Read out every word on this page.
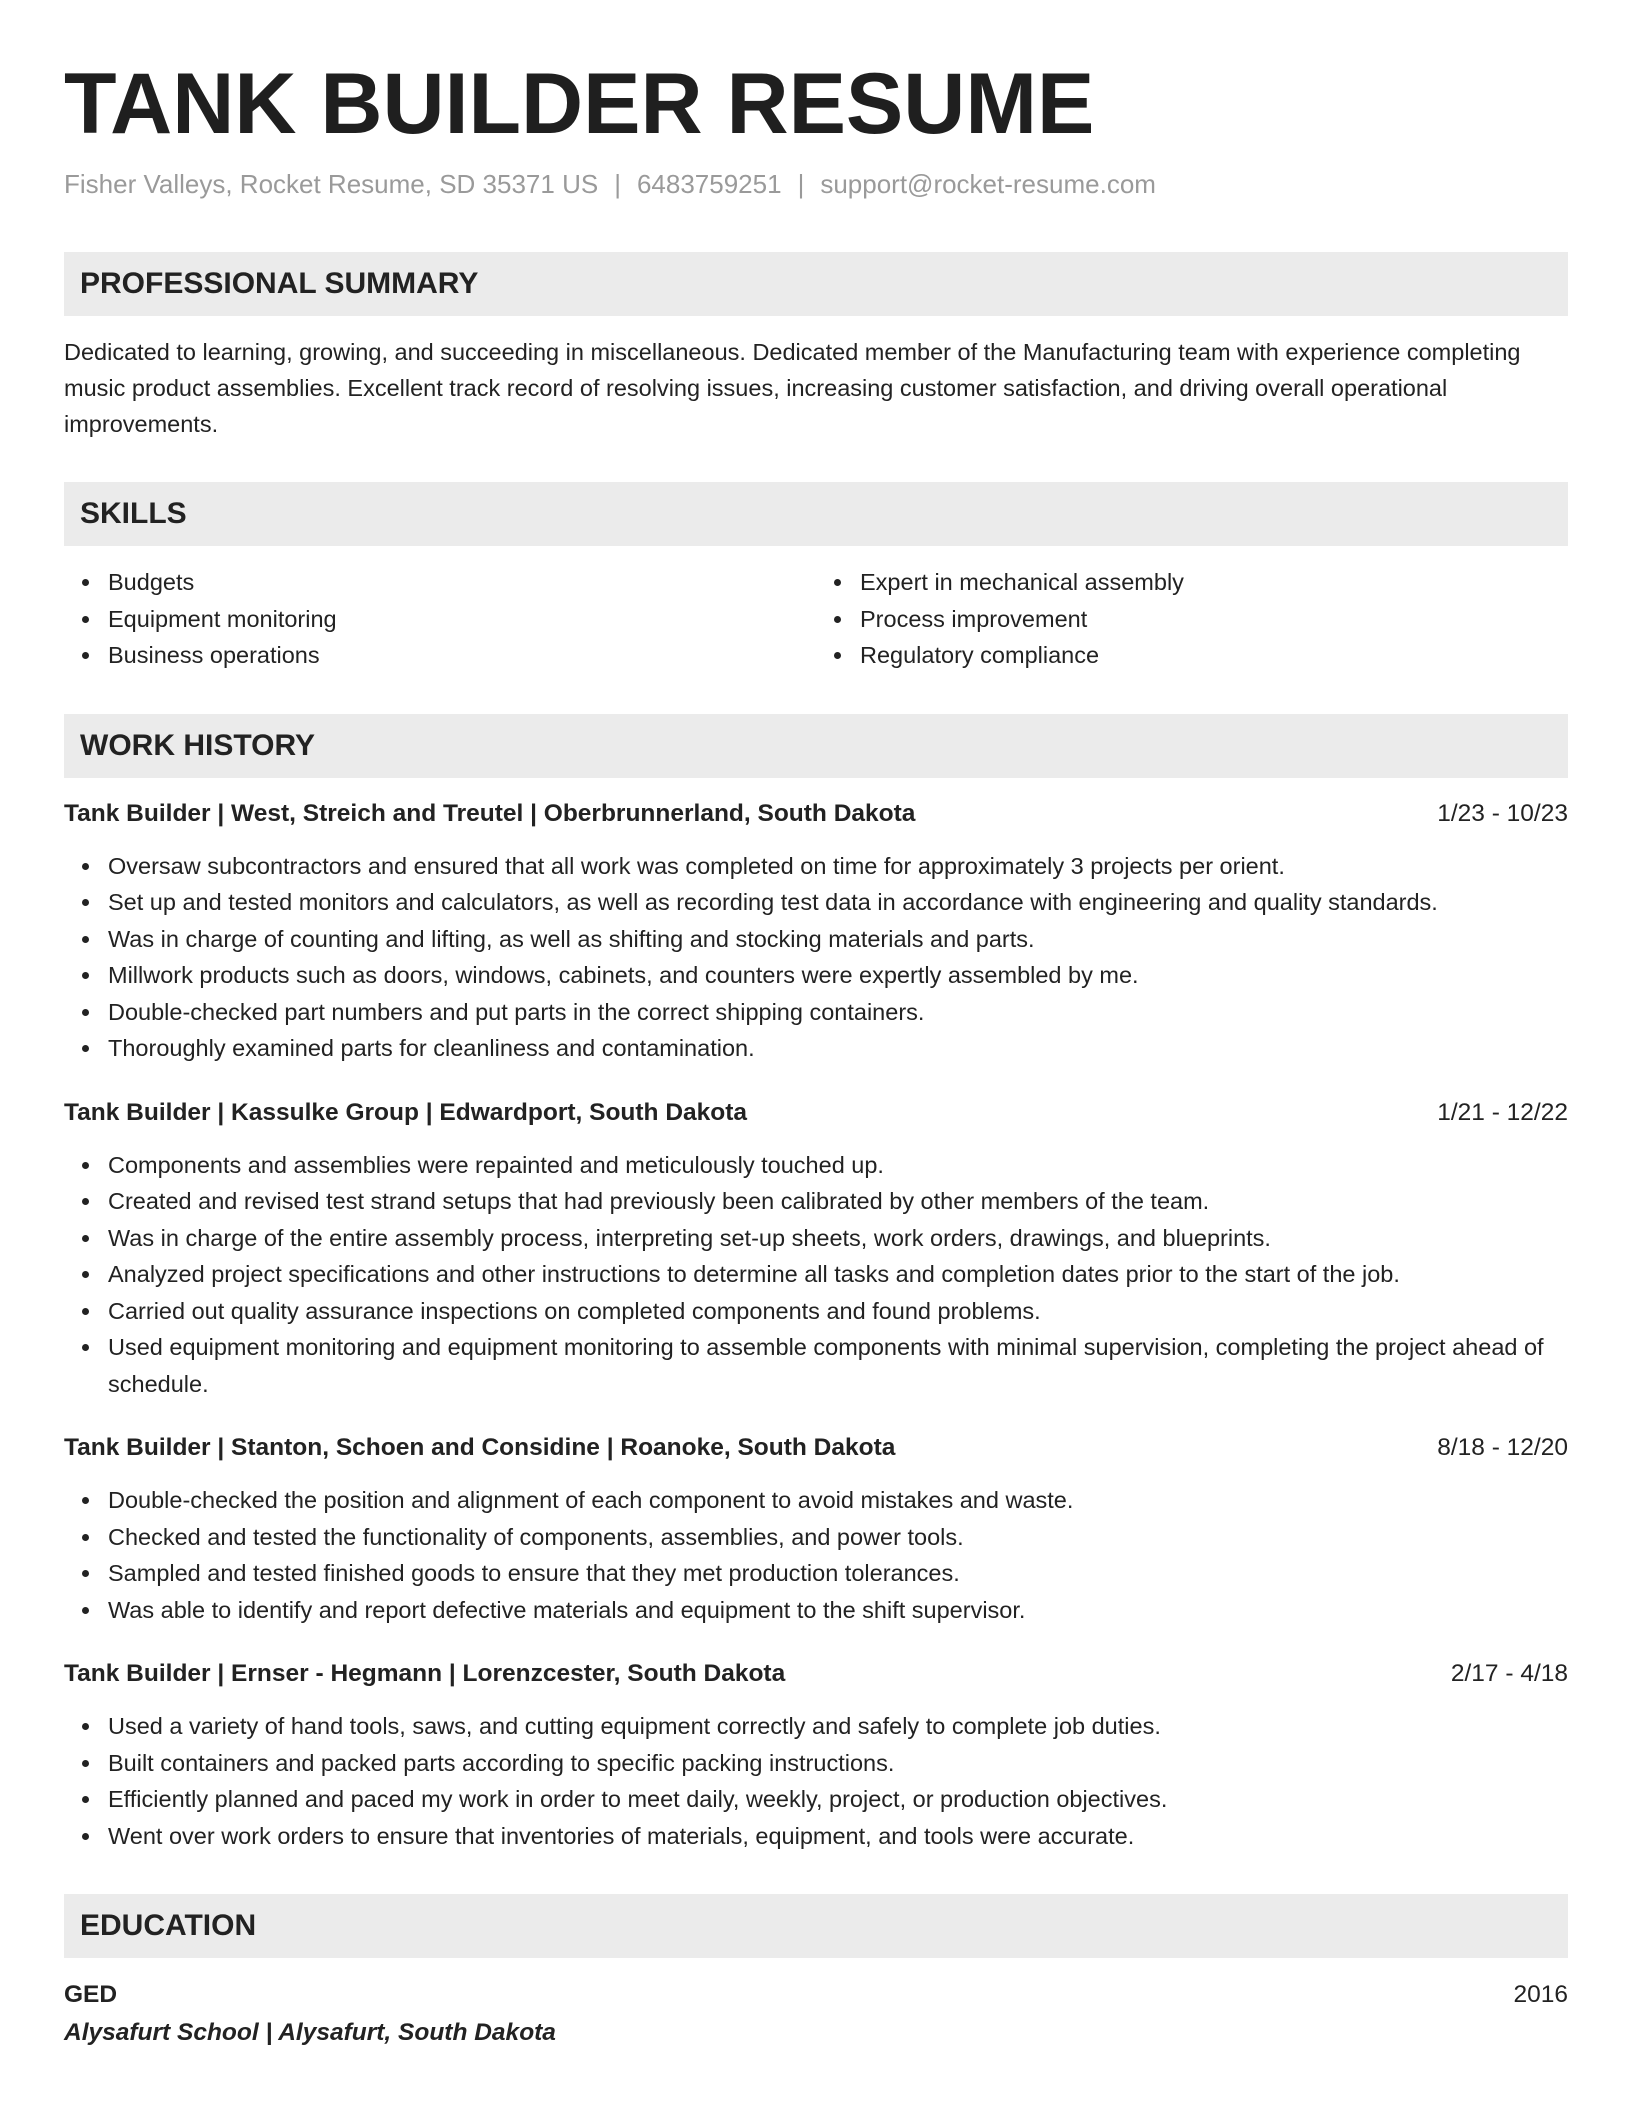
TANK BUILDER RESUME
Fisher Valleys, Rocket Resume, SD 35371 US | 6483759251 | support@rocket-resume.com
PROFESSIONAL SUMMARY

Dedicated to learning, growing, and succeeding in miscellaneous. Dedicated member of the Manufacturing team with experience completing music product assemblies. Excellent track record of resolving issues, increasing customer satisfaction, and driving overall operational improvements.

SKILLS
Budgets
Equipment monitoring
Business operations
Expert in mechanical assembly
Process improvement
Regulatory compliance
WORK HISTORY
Tank Builder | West, Streich and Treutel | Oberbrunnerland, South Dakota	1/23 - 10/23
Oversaw subcontractors and ensured that all work was completed on time for approximately 3 projects per orient.
Set up and tested monitors and calculators, as well as recording test data in accordance with engineering and quality standards.
Was in charge of counting and lifting, as well as shifting and stocking materials and parts.
Millwork products such as doors, windows, cabinets, and counters were expertly assembled by me.
Double-checked part numbers and put parts in the correct shipping containers.
Thoroughly examined parts for cleanliness and contamination.
Tank Builder | Kassulke Group | Edwardport, South Dakota	1/21 - 12/22
Components and assemblies were repainted and meticulously touched up.
Created and revised test strand setups that had previously been calibrated by other members of the team.
Was in charge of the entire assembly process, interpreting set-up sheets, work orders, drawings, and blueprints.
Analyzed project specifications and other instructions to determine all tasks and completion dates prior to the start of the job.
Carried out quality assurance inspections on completed components and found problems.
Used equipment monitoring and equipment monitoring to assemble components with minimal supervision, completing the project ahead of schedule.
Tank Builder | Stanton, Schoen and Considine | Roanoke, South Dakota	8/18 - 12/20
Double-checked the position and alignment of each component to avoid mistakes and waste.
Checked and tested the functionality of components, assemblies, and power tools.
Sampled and tested finished goods to ensure that they met production tolerances.
Was able to identify and report defective materials and equipment to the shift supervisor.
Tank Builder | Ernser - Hegmann | Lorenzcester, South Dakota	2/17 - 4/18
Used a variety of hand tools, saws, and cutting equipment correctly and safely to complete job duties.
Built containers and packed parts according to specific packing instructions.
Efficiently planned and paced my work in order to meet daily, weekly, project, or production objectives.
Went over work orders to ensure that inventories of materials, equipment, and tools were accurate.
EDUCATION
GED	2016
Alysafurt School | Alysafurt, South Dakota
